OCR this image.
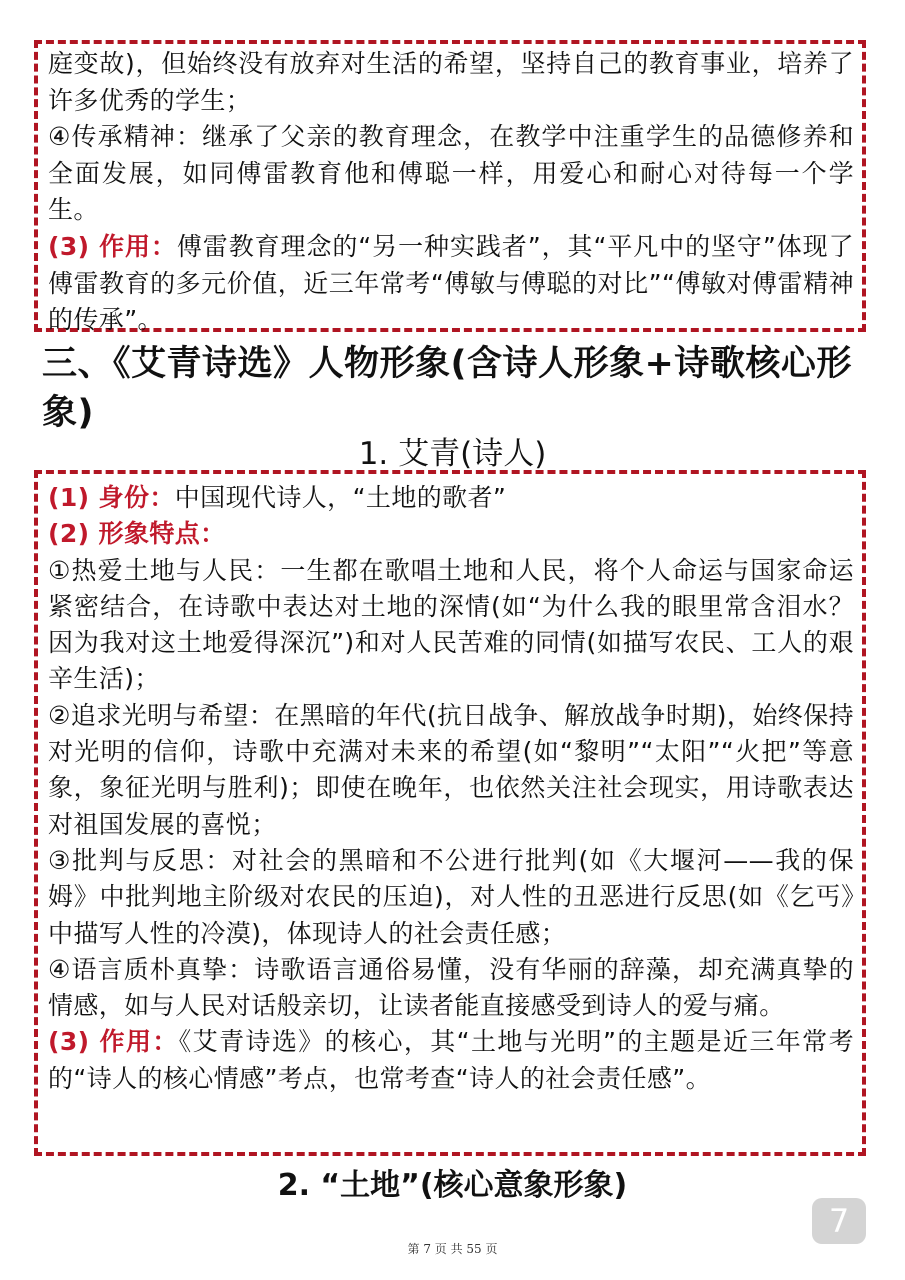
庭变故)，但始终没有放弃对生活的希望，坚持自己的教育事业，培养了许多优秀的学生；

④传承精神：继承了父亲的教育理念，在教学中注重学生的品德修养和全面发展，如同傅雷教育他和傅聪一样，用爱心和耐心对待每一个学生。

(3) 作用：傅雷教育理念的“另一种实践者”，其“平凡中的坚守”体现了傅雷教育的多元价值，近三年常考“傅敏与傅聪的对比”“傅敏对傅雷精神的传承”。

三、《艾青诗选》人物形象(含诗人形象+诗歌核心形象)
1. 艾青(诗人)

(1) 身份：中国现代诗人，“土地的歌者”

(2) 形象特点：

①热爱土地与人民：一生都在歌唱土地和人民，将个人命运与国家命运紧密结合，在诗歌中表达对土地的深情(如“为什么我的眼里常含泪水？因为我对这土地爱得深沉”)和对人民苦难的同情(如描写农民、工人的艰辛生活)；

②追求光明与希望：在黑暗的年代(抗日战争、解放战争时期)，始终保持对光明的信仰，诗歌中充满对未来的希望(如“黎明”“太阳”“火把”等意象，象征光明与胜利)；即使在晚年，也依然关注社会现实，用诗歌表达对祖国发展的喜悦；

③批判与反思：对社会的黑暗和不公进行批判(如《大堰河——我的保姆》中批判地主阶级对农民的压迫)，对人性的丑恶进行反思(如《乞丐》中描写人性的冷漠)，体现诗人的社会责任感；

④语言质朴真挚：诗歌语言通俗易懂，没有华丽的辞藻，却充满真挚的情感，如与人民对话般亲切，让读者能直接感受到诗人的爱与痛。

(3) 作用：《艾青诗选》的核心，其“土地与光明”的主题是近三年常考的“诗人的核心情感”考点，也常考查“诗人的社会责任感”。

2. “土地”(核心意象形象)
7
第 7 页 共 55 页
